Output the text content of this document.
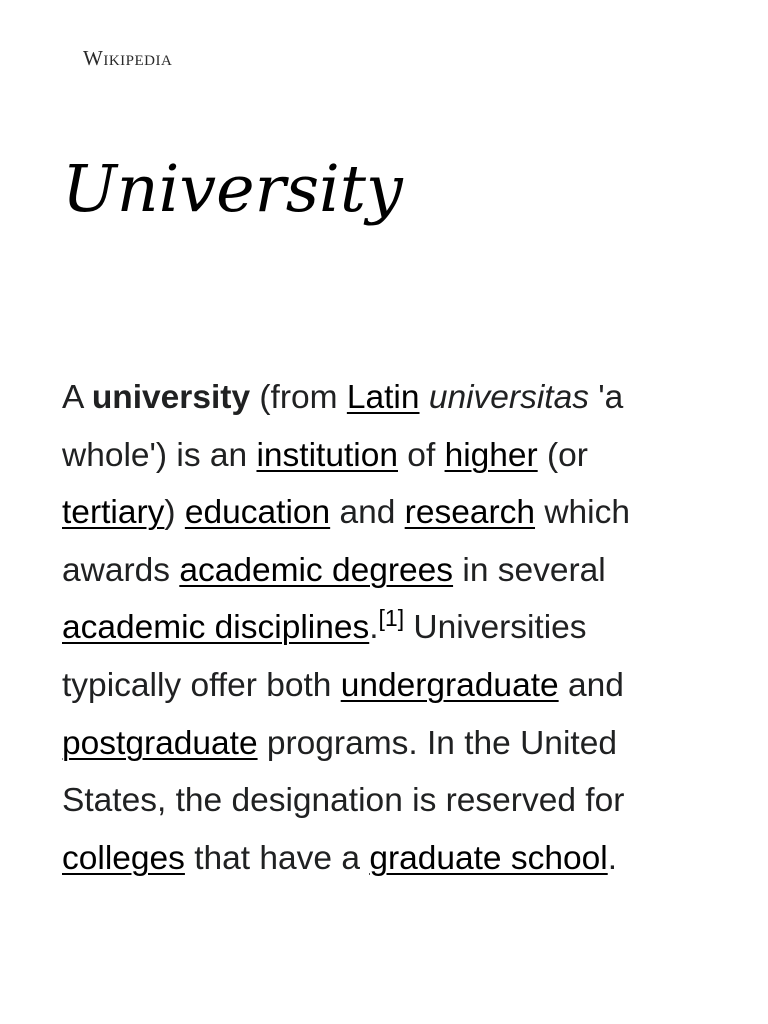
Wikipedia
University

A university (from Latin universitas 'a whole') is an institution of higher (or tertiary) education and research which awards academic degrees in several academic disciplines.[1] Universities typically offer both undergraduate and postgraduate programs. In the United States, the designation is reserved for colleges that have a graduate school.
